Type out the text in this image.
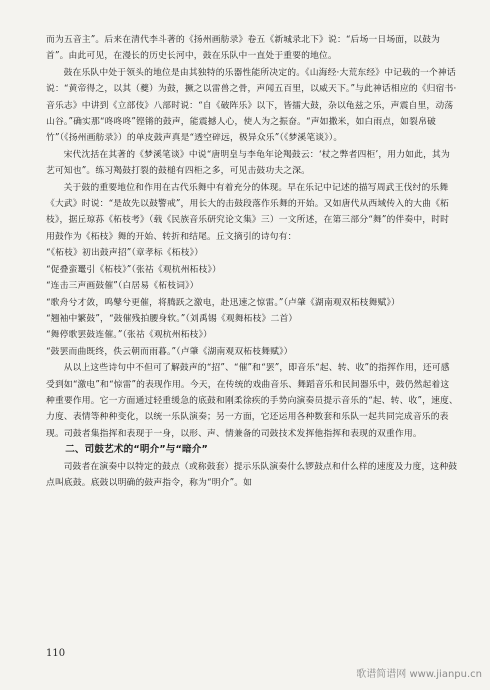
而为五音主”。后来在清代李斗著的《扬州画舫录》卷五《新城录北下》说：“后场一日场面，以鼓为首”。由此可见，在漫长的历史长河中，鼓在乐队中一直处于重要的地位。

鼓在乐队中处于领头的地位是由其独特的乐器性能所决定的。《山海经·大荒东经》中记载的一个神话说：“黄帝得之，以其（夔）为鼓，撅之以雷兽之骨，声闻五百里，以威天下。”与此神话相应的《归宿书·音乐志》中讲到《立部伎》八部时说：“自《破阵乐》以下，皆擂大鼓，杂以龟兹之乐，声震自里，动荡山谷。”确实那“咚咚咚”铿锵的鼓声，能震撼人心，使人为之振奋。“声如撒米，如白雨点，如裂帛破竹”（《扬州画舫录》）的单皮鼓声真是“透空碎远，极异众乐”（《梦溪笔谈》）。

宋代沈括在其著的《梦溪笔谈》中说“唐明皇与李龟年论羯鼓云：‘杖之弊者四柜’，用力如此，其为艺可知也”。练习羯鼓打裂的鼓槌有四柜之多，可见击鼓功夫之深。

关于鼓的重要地位和作用在古代乐舞中有着充分的体现。早在乐记中记述的描写周武王伐纣的乐舞《大武》时说：“是故先以鼓警戒”，用长大的击鼓段落作乐舞的开始。又如唐代从西域传入的大曲《柘枝》，据丘琼荪《柘枝考》（载《民族音乐研究论文集》三）一文所述，在第三部分“舞”的伴奏中，时时用鼓作为《柘枝》舞的开始、转折和结尾。丘文摘引的诗句有：

“《柘枝》初出鼓声招”（章孝标《柘枝》）

“促叠蛮鼍引《柘枝》”（张祜《观杭州柘枝》）

“连击三声画鼓催”（白居易《柘枝词》）

“歌舟兮才敛，鸣鼕兮更催，将腾跃之激电，赴迅速之惊雷。”（卢肇《湖南观双柘枝舞赋》）

“翘袖中繁鼓”，“鼓催残拍腰身软。”（刘禹锡《观舞柘枝》二首）

“舞停歌罢鼓连催。”（张祜《观杭州柘枝》）

“鼓罢而曲既终，佚云朝而雨暮。”（卢肇《湖南观双柘枝舞赋》）

从以上这些诗句中不但可了解鼓声的“招”、“催”和“罢”，即音乐“起、转、收”的指挥作用，还可感受到如“激电”和“惊雷”的表现作用。今天，在传统的戏曲音乐、舞蹈音乐和民间器乐中，鼓仍然起着这种重要作用。它一方面通过轻重缓急的底鼓和刚柔徐疾的手势向演奏员提示音乐的“起、转、收”，速度、力度、表情等种种变化，以统一乐队演奏；另一方面，它还运用各种数套和乐队一起共同完成音乐的表现。司鼓者集指挥和表现于一身，以形、声、情兼备的司鼓技术发挥他指挥和表现的双重作用。

二、司鼓艺术的“明介”与“暗介”

司鼓者在演奏中以特定的鼓点（或称鼓套）提示乐队演奏什么锣鼓点和什么样的速度及力度，这种鼓点叫底鼓。底鼓以明确的鼓声指令，称为“明介”。如

110
歌谱简谱网 www.jianpu.cn
